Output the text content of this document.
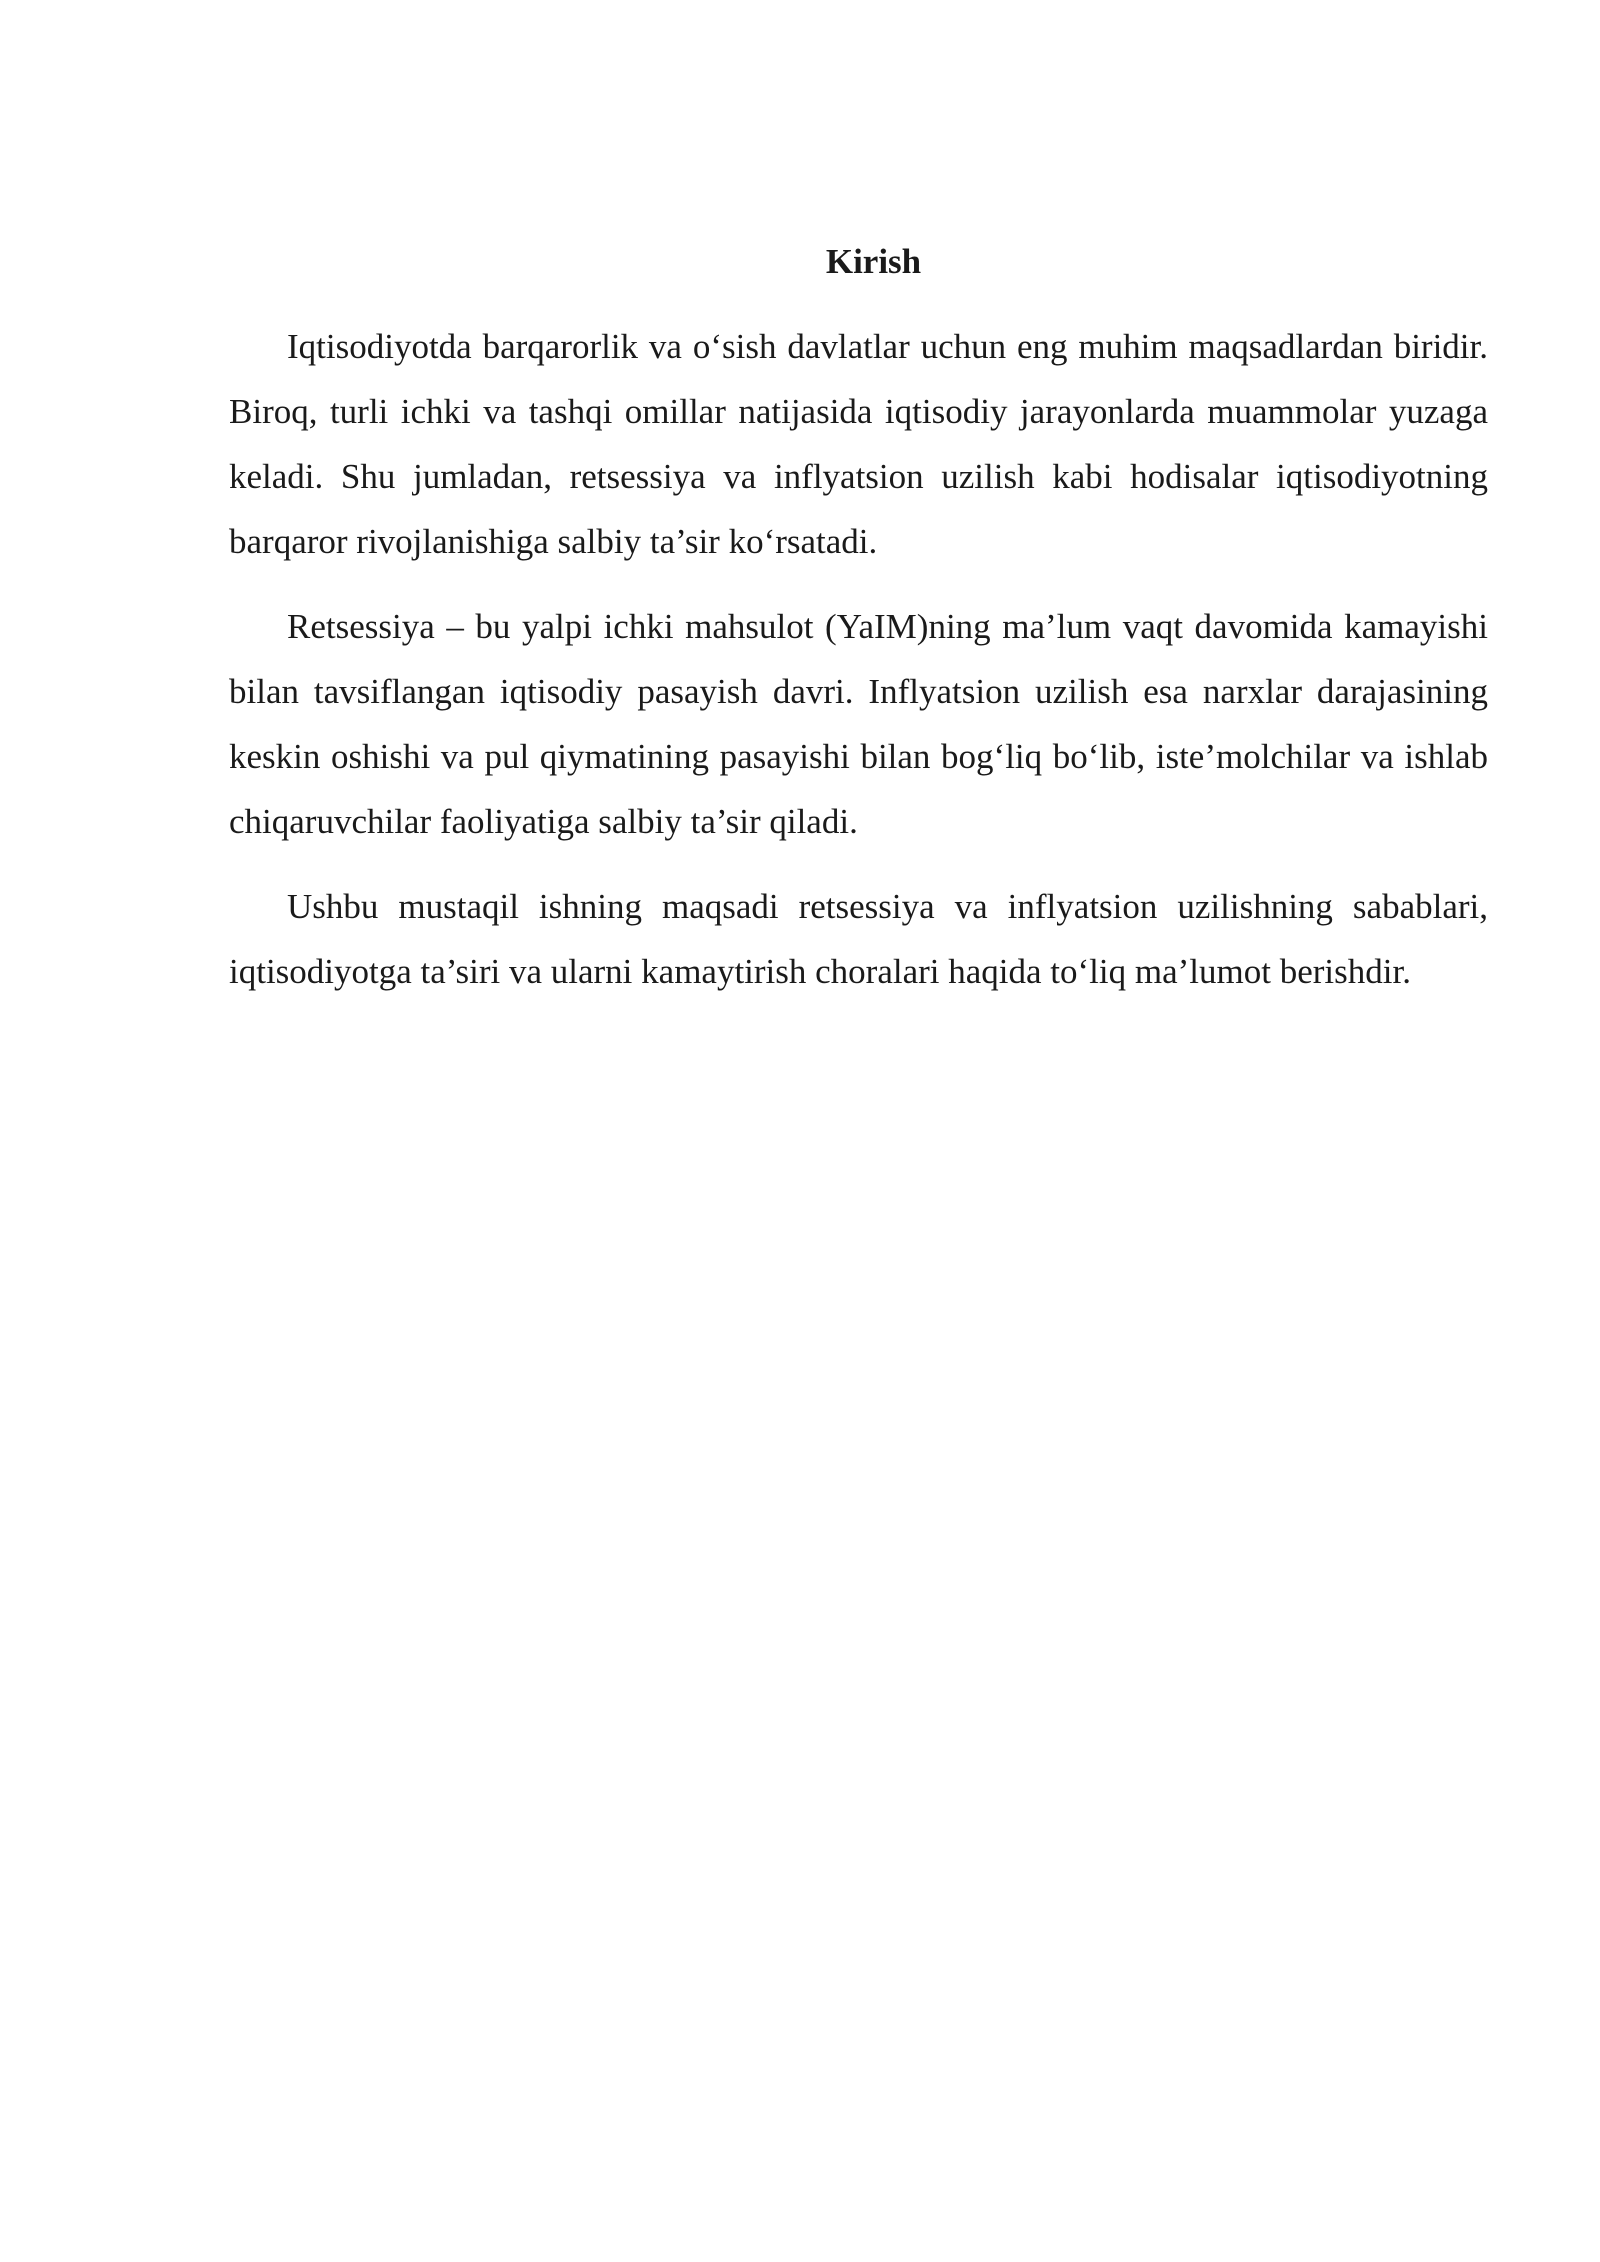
Kirish

Iqtisodiyotda barqarorlik va o‘sish davlatlar uchun eng muhim maqsadlardan biridir. Biroq, turli ichki va tashqi omillar natijasida iqtisodiy jarayonlarda muammolar yuzaga keladi. Shu jumladan, retsessiya va inflyatsion uzilish kabi hodisalar iqtisodiyotning barqaror rivojlanishiga salbiy ta’sir ko‘rsatadi.

Retsessiya – bu yalpi ichki mahsulot (YaIM)ning ma’lum vaqt davomida kamayishi bilan tavsiflangan iqtisodiy pasayish davri. Inflyatsion uzilish esa narxlar darajasining keskin oshishi va pul qiymatining pasayishi bilan bog‘liq bo‘lib, iste’molchilar va ishlab chiqaruvchilar faoliyatiga salbiy ta’sir qiladi.

Ushbu mustaqil ishning maqsadi retsessiya va inflyatsion uzilishning sabablari, iqtisodiyotga ta’siri va ularni kamaytirish choralari haqida to‘liq ma’lumot berishdir.
